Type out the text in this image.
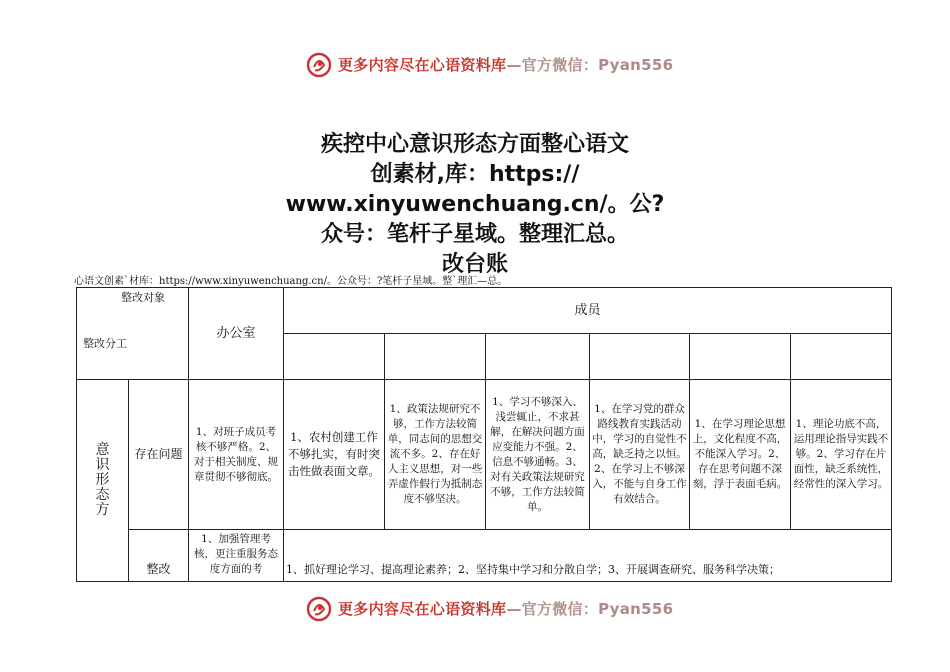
更多内容尽在心语资料库—官方微信：Pyan556
疾控中心意识形态方面整心语文
创素材,库：https://
www.xinyuwenchuang.cn/。公?
众号：笔杆子星域。整理汇总。
改台账
心语文创素`材库：https://www.xinyuwenchuang.cn/。公众号：?笔杆子星域。整`理汇—总。
整改对象
整改分工		办公室	成员					

意
识
形
态
方	存在问题	1、对班子成员考核不够严格。2、对于相关制度、规章贯彻不够彻底。	1、农村创建工作不够扎实，有时突击性做表面文章。	1、政策法规研究不够，工作方法较简单，同志间的思想交流不多。2、存在好人主义思想，对一些弄虚作假行为抵制态度不够坚决。	1、学习不够深入、浅尝辄止，不求甚解，在解决问题方面应变能力不强。2、信息不够通畅。3、对有关政策法规研究不够，工作方法较简单。	1、在学习党的群众路线教育实践活动中，学习的自觉性不高，缺乏持之以恒。2、在学习上不够深入，不能与自身工作有效结合。	1、在学习理论思想上，文化程度不高，不能深入学习。2、存在思考问题不深刻，浮于表面毛病。	1、理论功底不高，运用理论指导实践不够。2、学习存在片面性，缺乏系统性，经常性的深入学习。
	整改	1、加强管理考核，更注重服务态度方面的考	1、抓好理论学习、提高理论素养；2、坚持集中学习和分散自学；3、开展调查研究、服务科学决策；					
更多内容尽在心语资料库—官方微信：Pyan556
